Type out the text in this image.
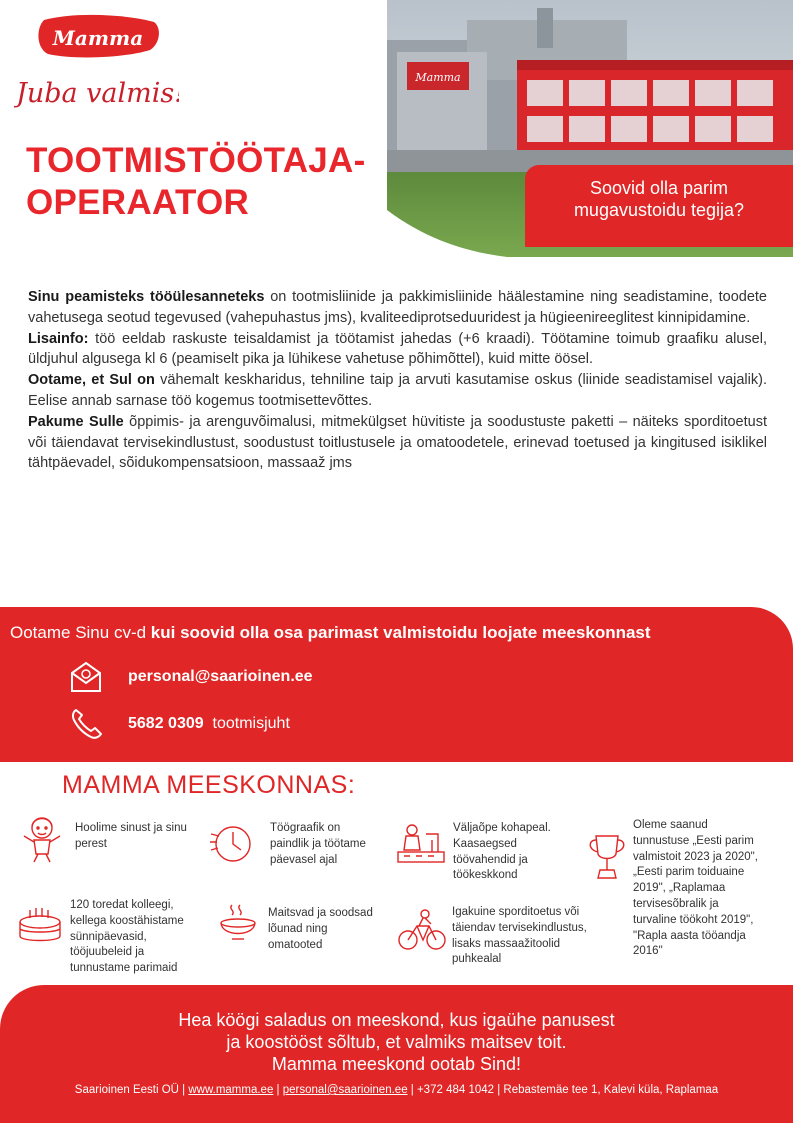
Mamma
Juba valmis!
TOOTMISTÖÖTAJA-
OPERAATOR
Mamma
Soovid olla parim
mugavustoidu tegija?

Sinu peamisteks tööülesanneteks on tootmisliinide ja pakkimisliinide häälestamine ning seadistamine, toodete vahetusega seotud tegevused (vahepuhastus jms), kvaliteediprotseduuridest ja hügieenireeglitest kinnipidamine.

Lisainfo: töö eeldab raskuste teisaldamist ja töötamist jahedas (+6 kraadi). Töötamine toimub graafiku alusel, üldjuhul algusega kl 6 (peamiselt pika ja lühikese vahetuse põhimõttel), kuid mitte öösel.

Ootame, et Sul on vähemalt keskharidus, tehniline taip ja arvuti kasutamise oskus (liinide seadistamisel vajalik). Eelise annab sarnase töö kogemus tootmisettevõttes.

Pakume Sulle õppimis- ja arenguvõimalusi, mitmekülgset hüvitiste ja soodustuste paketti – näiteks sporditoetust või täiendavat tervisekindlustust, soodustust toitlustusele ja omatoodetele, erinevad toetused ja kingitused isiklikel tähtpäevadel, sõidukompensatsioon, massaaž jms

Ootame Sinu cv-d kui soovid olla osa parimast valmistoidu loojate meeskonnast
personal@saarioinen.ee
5682 0309 tootmisjuht
MAMMA MEESKONNAS:
Hoolime sinust ja sinu
perest
Töögraafik on
paindlik ja töötame
päevasel ajal
Väljaõpe kohapeal.
Kaasaegsed
töövahendid ja
töökeskkond
Oleme saanud
tunnustuse „Eesti parim
valmistoit 2023 ja 2020",
„Eesti parim toiduaine
2019", „Raplamaa
tervisesõbralik ja
turvaline töökoht 2019",
"Rapla aasta tööandja
2016"
120 toredat kolleegi,
kellega koostähistame
sünnipäevasid,
tööjuubeleid ja
tunnustame parimaid
Maitsvad ja soodsad
lõunad ning
omatooted
Igakuine sporditoetus või
täiendav tervisekindlustus,
lisaks massaažitoolid
puhkealal
Hea köögi saladus on meeskond, kus igaühe panusest
ja koostööst sõltub, et valmiks maitsev toit.
Mamma meeskond ootab Sind!
Saarioinen Eesti OÜ | www.mamma.ee | personal@saarioinen.ee | +372 484 1042 | Rebastemäe tee 1, Kalevi küla, Raplamaa
